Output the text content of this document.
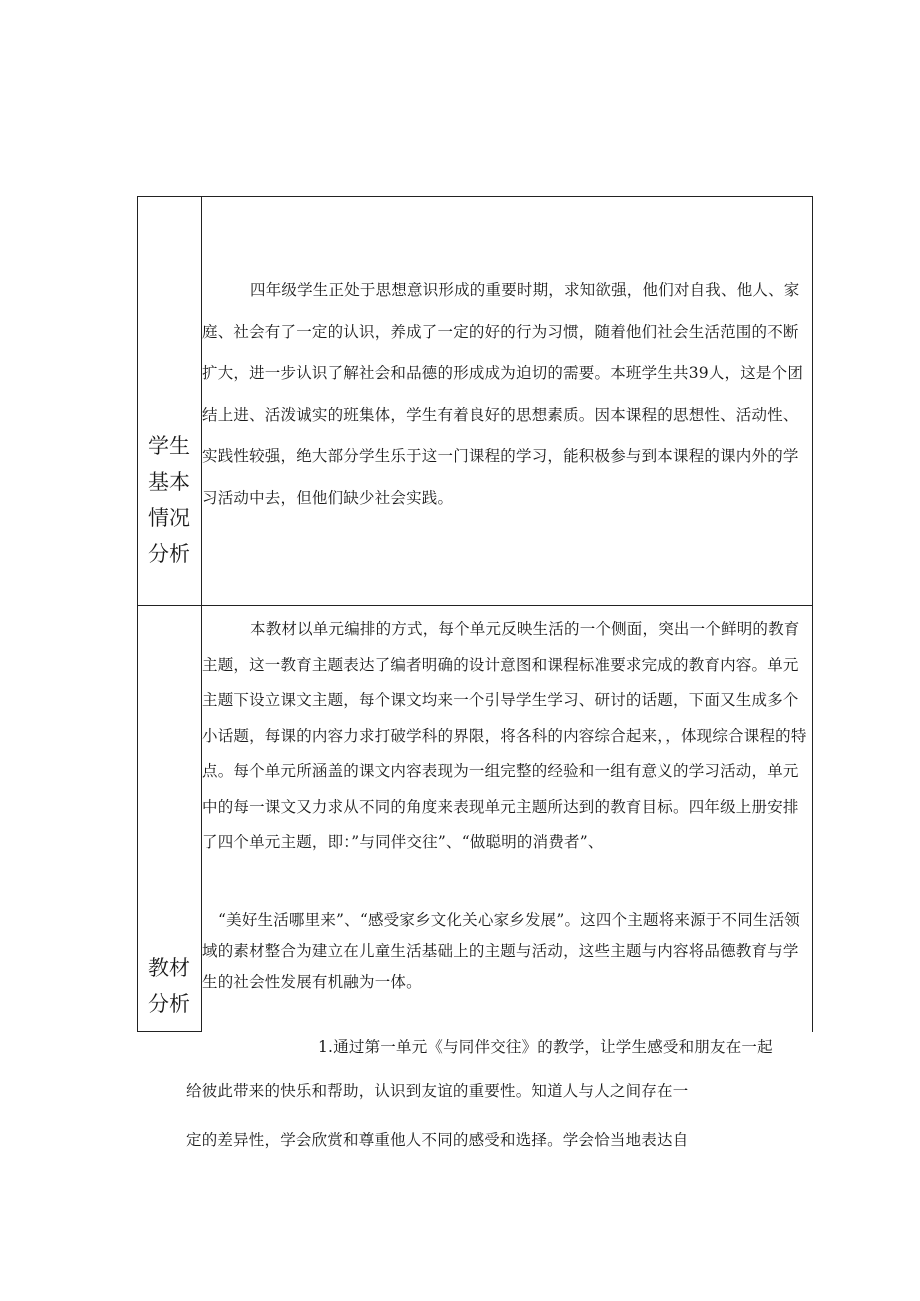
学生
基本
情况
分析
四年级学生正处于思想意识形成的重要时期，求知欲强，他们对自我、他人、家庭、社会有了一定的认识，养成了一定的好的行为习惯，随着他们社会生活范围的不断扩大，进一步认识了解社会和品德的形成成为迫切的需要。本班学生共39人，这是个团结上进、活泼诚实的班集体，学生有着良好的思想素质。因本课程的思想性、活动性、实践性较强，绝大部分学生乐于这一门课程的学习，能积极参与到本课程的课内外的学习活动中去，但他们缺少社会实践。
教材
分析
本教材以单元编排的方式，每个单元反映生活的一个侧面，突出一个鲜明的教育主题，这一教育主题表达了编者明确的设计意图和课程标准要求完成的教育内容。单元主题下设立课文主题，每个课文均来一个引导学生学习、研讨的话题，下面又生成多个小话题，每课的内容力求打破学科的界限，将各科的内容综合起来，，体现综合课程的特点。每个单元所涵盖的课文内容表现为一组完整的经验和一组有意义的学习活动，单元中的每一课文又力求从不同的角度来表现单元主题所达到的教育目标。四年级上册安排了四个单元主题，即：”与同伴交往”、“做聪明的消费者”、
“美好生活哪里来”、“感受家乡文化关心家乡发展”。这四个主题将来源于不同生活领域的素材整合为建立在儿童生活基础上的主题与活动，这些主题与内容将品德教育与学生的社会性发展有机融为一体。
1.通过第一单元《与同伴交往》的教学，让学生感受和朋友在一起
给彼此带来的快乐和帮助，认识到友谊的重要性。知道人与人之间存在一
定的差异性，学会欣赏和尊重他人不同的感受和选择。学会恰当地表达自
